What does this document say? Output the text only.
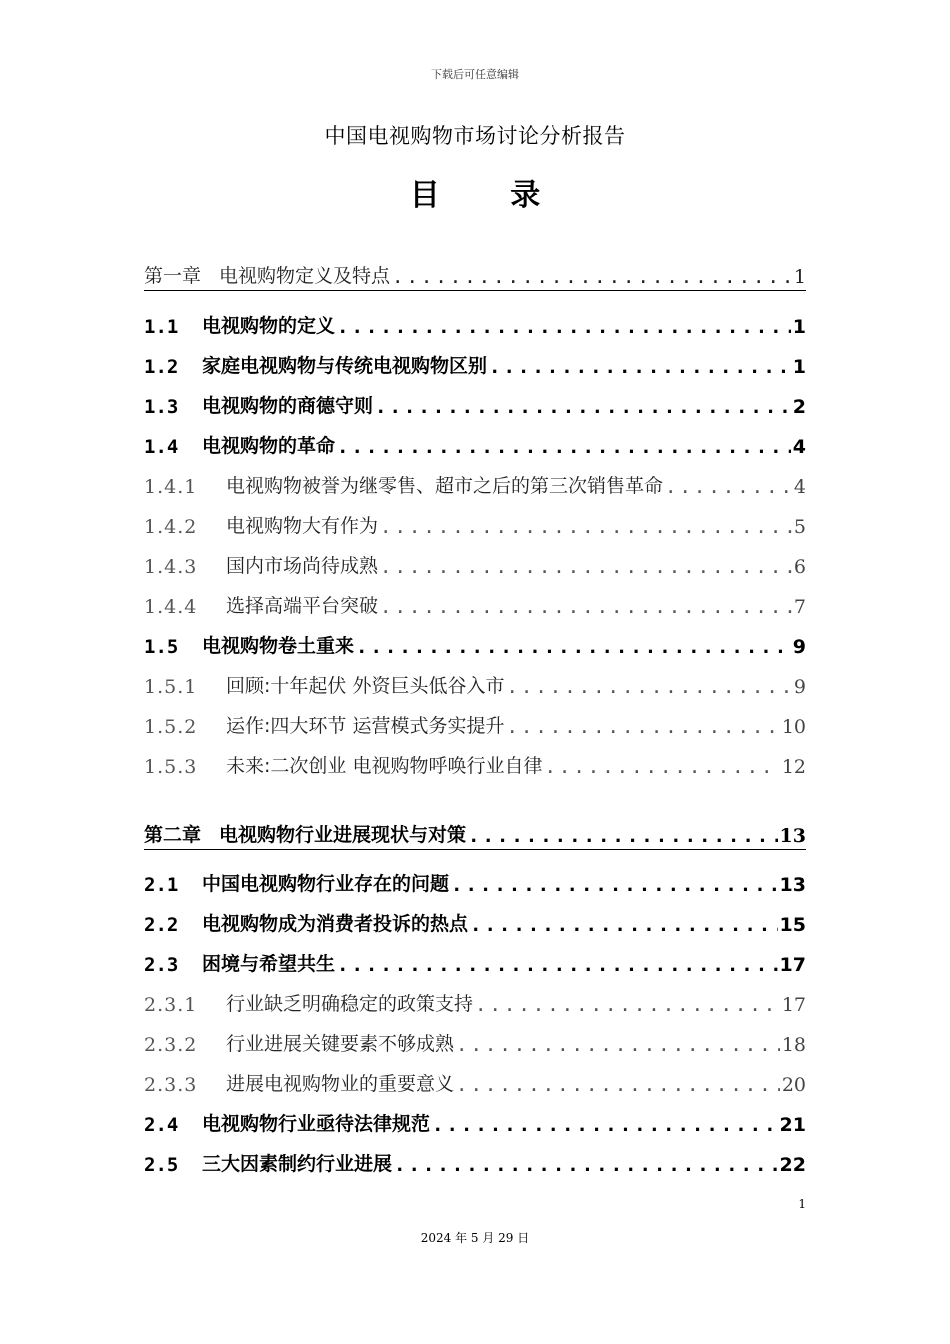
下载后可任意编辑
中国电视购物市场讨论分析报告
目 录
第一章 电视购物定义及特点 .....	1
1.1	电视购物的定义 .....	1
1.2	家庭电视购物与传统电视购物区别 .....	1
1.3	电视购物的商德守则 .....	2
1.4	电视购物的革命 .....	4
1.4.1	电视购物被誉为继零售、超市之后的第三次销售革命 .....	4
1.4.2	电视购物大有作为 .....	5
1.4.3	国内市场尚待成熟 .....	6
1.4.4	选择高端平台突破 .....	7
1.5	电视购物卷土重来 .....	9
1.5.1	回顾:十年起伏 外资巨头低谷入市 .....	9
1.5.2	运作:四大环节 运营模式务实提升 .....	10
1.5.3	未来:二次创业 电视购物呼唤行业自律 .....	12
第二章 电视购物行业进展现状与对策 .....	13
2.1	中国电视购物行业存在的问题 .....	13
2.2	电视购物成为消费者投诉的热点 .....	15
2.3	困境与希望共生 .....	17
2.3.1	行业缺乏明确稳定的政策支持 .....	17
2.3.2	行业进展关键要素不够成熟 .....	18
2.3.3	进展电视购物业的重要意义 .....	20
2.4	电视购物行业亟待法律规范 .....	21
2.5	三大因素制约行业进展 .....	22
1
2024 年 5 月 29 日
